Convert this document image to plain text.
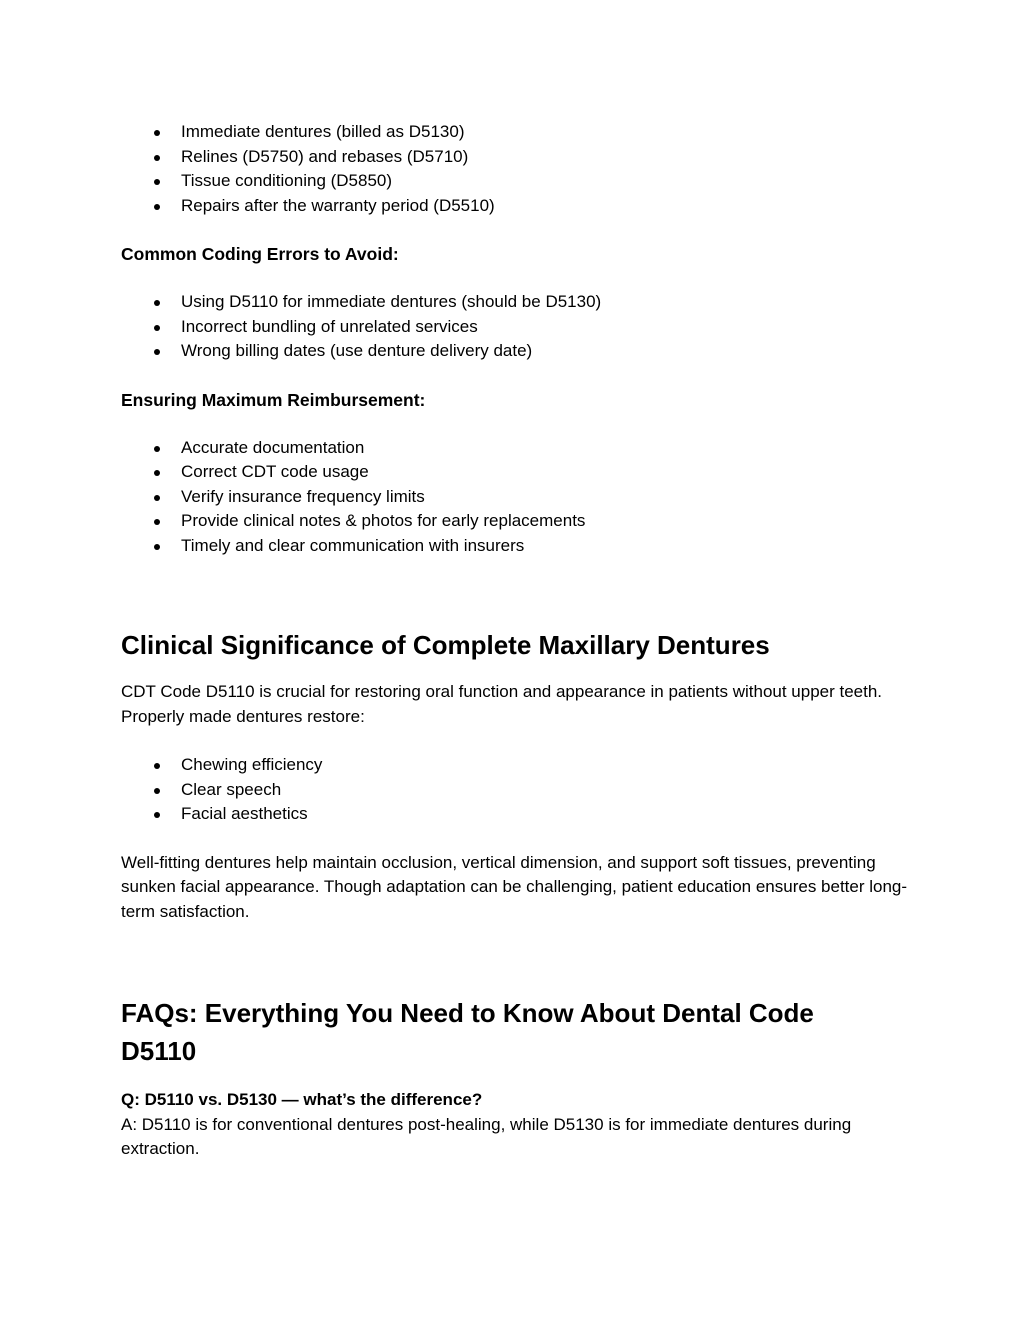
Immediate dentures (billed as D5130)
Relines (D5750) and rebases (D5710)
Tissue conditioning (D5850)
Repairs after the warranty period (D5510)

Common Coding Errors to Avoid:

Using D5110 for immediate dentures (should be D5130)
Incorrect bundling of unrelated services
Wrong billing dates (use denture delivery date)

Ensuring Maximum Reimbursement:

Accurate documentation
Correct CDT code usage
Verify insurance frequency limits
Provide clinical notes & photos for early replacements
Timely and clear communication with insurers
Clinical Significance of Complete Maxillary Dentures

CDT Code D5110 is crucial for restoring oral function and appearance in patients without upper teeth. Properly made dentures restore:

Chewing efficiency
Clear speech
Facial aesthetics

Well-fitting dentures help maintain occlusion, vertical dimension, and support soft tissues, preventing sunken facial appearance. Though adaptation can be challenging, patient education ensures better long-term satisfaction.

FAQs: Everything You Need to Know About Dental Code D5110

Q: D5110 vs. D5130 — what’s the difference?

A: D5110 is for conventional dentures post-healing, while D5130 is for immediate dentures during extraction.
